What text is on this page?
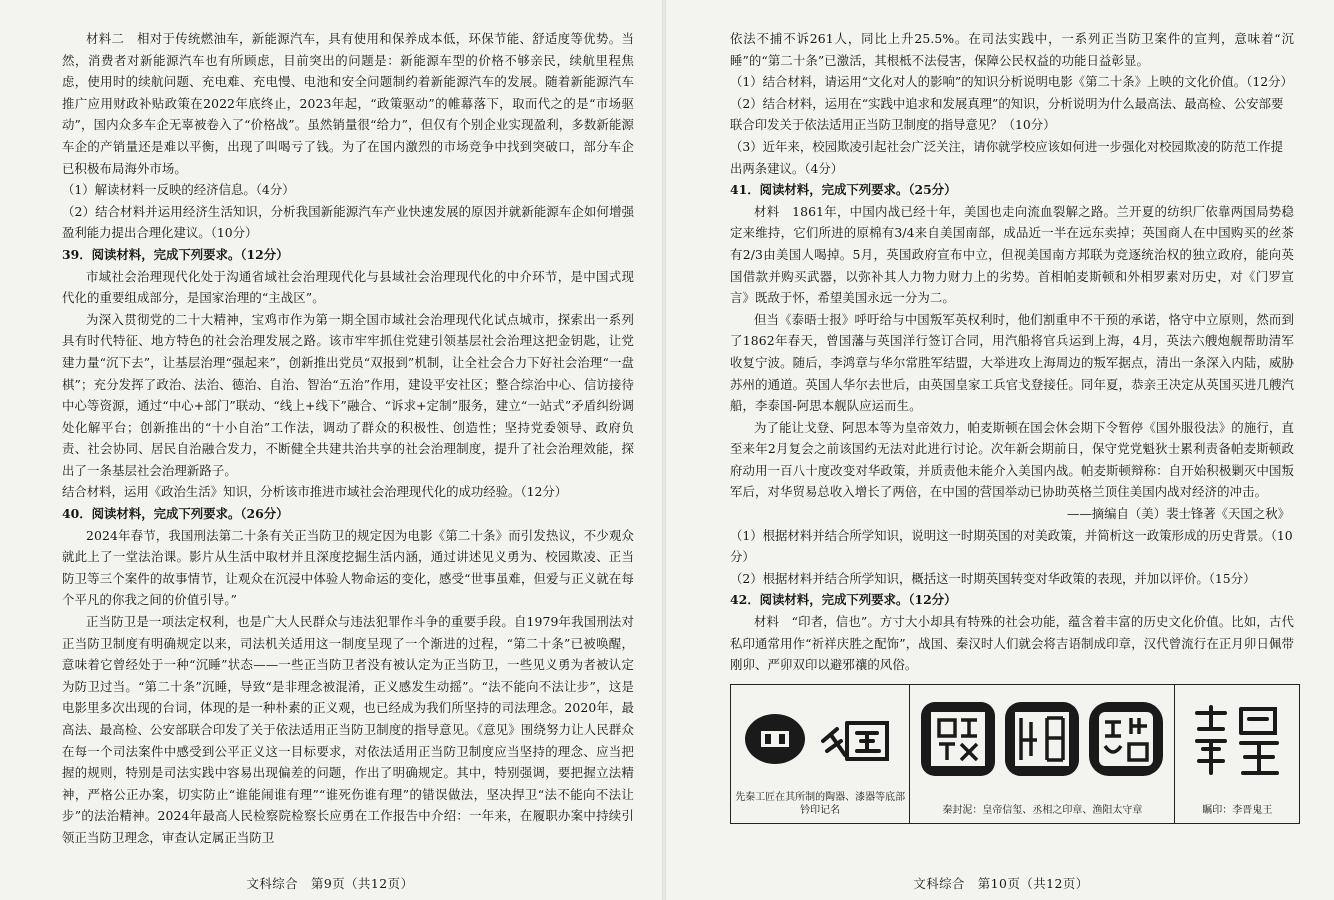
材料二　相对于传统燃油车，新能源汽车，具有使用和保养成本低，环保节能、舒适度等优势。当然，消费者对新能源汽车也有所顾虑，目前突出的问题是：新能源车型的价格不够亲民，续航里程焦虑，使用时的续航问题、充电难、充电慢、电池和安全问题制约着新能源汽车的发展。随着新能源汽车推广应用财政补贴政策在2022年底终止，2023年起，“政策驱动”的帷幕落下，取而代之的是“市场驱动”，国内众多车企无辜被卷入了“价格战”。虽然销量很“给力”，但仅有个别企业实现盈利，多数新能源车企的产销量还是难以平衡，出现了叫喝亏了钱。为了在国内激烈的市场竞争中找到突破口，部分车企已积极布局海外市场。

（1）解读材料一反映的经济信息。（4分）

（2）结合材料并运用经济生活知识，分析我国新能源汽车产业快速发展的原因并就新能源车企如何增强盈利能力提出合理化建议。（10分）

39．阅读材料，完成下列要求。（12分）

市域社会治理现代化处于沟通省域社会治理现代化与县域社会治理现代化的中介环节，是中国式现代化的重要组成部分，是国家治理的“主战区”。

为深入贯彻党的二十大精神，宝鸡市作为第一期全国市域社会治理现代化试点城市，探索出一系列具有时代特征、地方特色的社会治理发展之路。该市牢牢抓住党建引领基层社会治理这把金钥匙，让党建力量“沉下去”，让基层治理“强起来”，创新推出党员“双报到”机制，让全社会合力下好社会治理“一盘棋”；充分发挥了政治、法治、德治、自治、智治“五治”作用，建设平安社区；整合综治中心、信访接待中心等资源，通过“中心+部门”联动、“线上+线下”融合、“诉求+定制”服务，建立“一站式”矛盾纠纷调处化解平台；创新推出的“十小自治”工作法，调动了群众的积极性、创造性；坚持党委领导、政府负责、社会协同、居民自治融合发力，不断健全共建共治共享的社会治理制度，提升了社会治理效能，探出了一条基层社会治理新路子。

结合材料，运用《政治生活》知识，分析该市推进市域社会治理现代化的成功经验。（12分）

40．阅读材料，完成下列要求。（26分）

2024年春节，我国刑法第二十条有关正当防卫的规定因为电影《第二十条》而引发热议，不少观众就此上了一堂法治课。影片从生活中取材并且深度挖掘生活内涵，通过讲述见义勇为、校园欺凌、正当防卫等三个案件的故事情节，让观众在沉浸中体验人物命运的变化，感受“世事虽难，但爱与正义就在每个平凡的你我之间的价值引导。”

正当防卫是一项法定权利，也是广大人民群众与违法犯罪作斗争的重要手段。自1979年我国刑法对正当防卫制度有明确规定以来，司法机关适用这一制度呈现了一个渐进的过程，“第二十条”已被唤醒，意味着它曾经处于一种“沉睡”状态——一些正当防卫者没有被认定为正当防卫，一些见义勇为者被认定为防卫过当。“第二十条”沉睡，导致“是非理念被混淆，正义感发生动摇”。“法不能向不法让步”，这是电影里多次出现的台词，体现的是一种朴素的正义观，也已经成为我们所坚持的司法理念。2020年，最高法、最高检、公安部联合印发了关于依法适用正当防卫制度的指导意见。《意见》围绕努力让人民群众在每一个司法案件中感受到公平正义这一目标要求，对依法适用正当防卫制度应当坚持的理念、应当把握的规则，特别是司法实践中容易出现偏差的问题，作出了明确规定。其中，特别强调，要把握立法精神，严格公正办案，切实防止“谁能闹谁有理”“谁死伤谁有理”的错误做法，坚决捍卫“法不能向不法让步”的法治精神。2024年最高人民检察院检察长应勇在工作报告中介绍：一年来，在履职办案中持续引领正当防卫理念，审查认定属正当防卫

依法不捕不诉261人，同比上升25.5%。在司法实践中，一系列正当防卫案件的宣判，意味着“沉睡”的“第二十条”已激活，其根柢不法侵害，保障公民权益的功能日益彰显。

（1）结合材料，请运用“文化对人的影响”的知识分析说明电影《第二十条》上映的文化价值。（12分）

（2）结合材料，运用在“实践中追求和发展真理”的知识，分析说明为什么最高法、最高检、公安部要联合印发关于依法适用正当防卫制度的指导意见？（10分）

（3）近年来，校园欺凌引起社会广泛关注，请你就学校应该如何进一步强化对校园欺凌的防范工作提出两条建议。（4分）

41．阅读材料，完成下列要求。（25分）

材料　1861年，中国内战已经十年，美国也走向流血裂解之路。兰开夏的纺织厂依靠两国局势稳定来维持，它们所进的原棉有3/4来自美国南部，成品近一半在远东卖掉；英国商人在中国购买的丝茶有2/3由美国人喝掉。5月，英国政府宣布中立，但视美国南方邦联为竞逐统治权的独立政府，能向英国借款并购买武器，以弥补其人力物力财力上的劣势。首相帕麦斯顿和外相罗素对历史，对《门罗宣言》既敌于怀，希望美国永远一分为二。

但当《泰晤士报》呼吁给与中国叛军英权利时，他们割重申不干预的承诺，恪守中立原则，然而到了1862年春天，曾国藩与英国洋行签订合同，用汽船将官兵运到上海，4月，英法六艘炮舰帮助清军收复宁波。随后，李鸿章与华尔常胜军结盟，大举进攻上海周边的叛军据点，清出一条深入内陆，威胁苏州的通道。英国人华尔去世后，由英国皇家工兵官戈登接任。同年夏，恭亲王决定从英国买进几艘汽船，李泰国-阿思本舰队应运而生。

为了能让戈登、阿思本等为皇帝效力，帕麦斯顿在国会休会期下令暂停《国外服役法》的施行，直至来年2月复会之前该国约无法对此进行讨论。次年新会期前日，保守党党魁狄士累利责备帕麦斯顿政府动用一百八十度改变对华政策，并质责他未能介入美国内战。帕麦斯顿辩称：自开始积极剿灭中国叛军后，对华贸易总收入增长了两倍，在中国的营国举动已协助英格兰顶住美国内战对经济的冲击。

——摘编自（美）裴士锋著《天国之秋》

（1）根据材料并结合所学知识，说明这一时期英国的对美政策，并简析这一政策形成的历史背景。（10分）

（2）根据材料并结合所学知识，概括这一时期英国转变对华政策的表现，并加以评价。（15分）

42．阅读材料，完成下列要求。（12分）

材料　“印者，信也”。方寸大小却具有特殊的社会功能，蕴含着丰富的历史文化价值。比如，古代私印通常用作“祈祥庆胜之配饰”，战国、秦汉时人们就会将吉语制成印章，汉代曾流行在正月卯日佩带刚卯、严卯双印以避邪禳的风俗。

先秦工匠在其所制的陶器、漆器等底部钤印记名	秦封泥：皇帝信玺、丞相之印章、渔阳太守章	瞩印：李晋鬼王
文科综合　第9页（共12页）	文科综合　第10页（共12页）
